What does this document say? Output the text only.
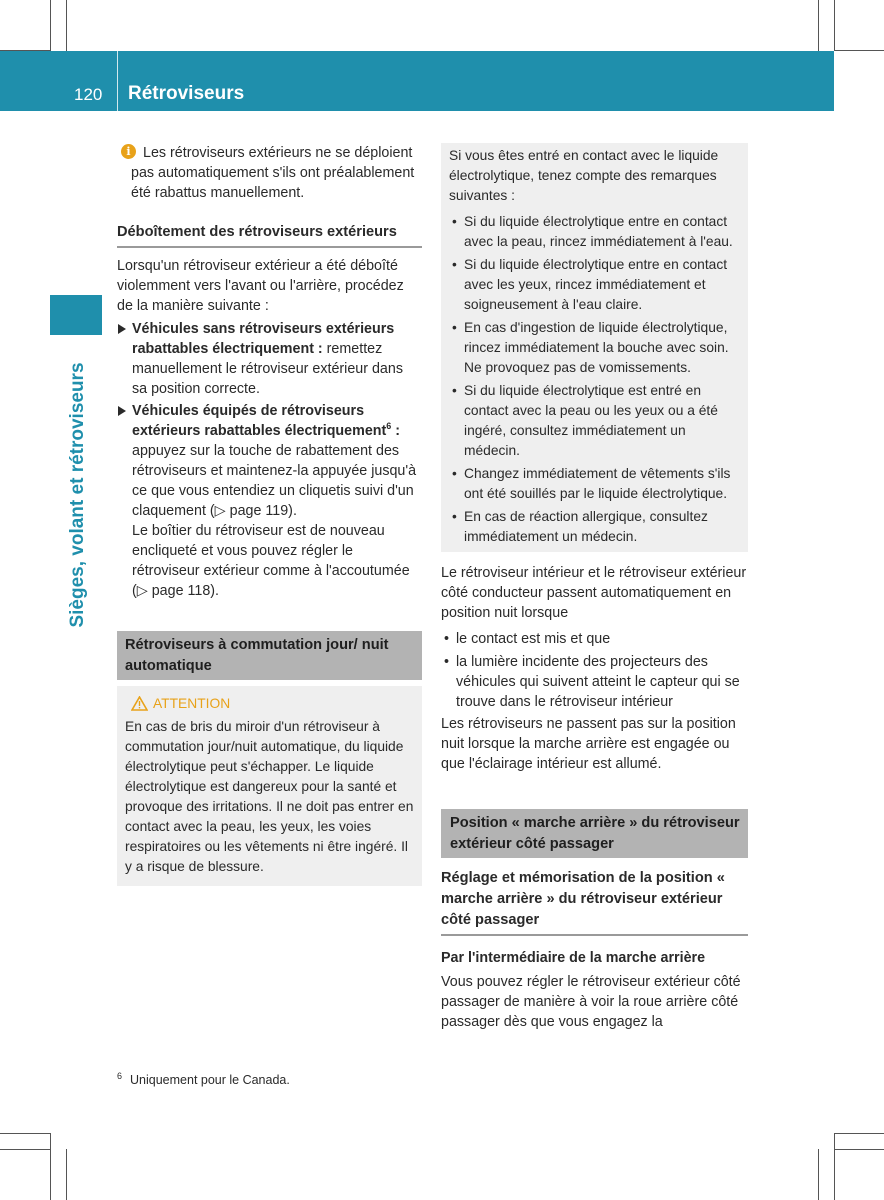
120 Rétroviseurs
Sièges, volant et rétroviseurs

i Les rétroviseurs extérieurs ne se déploient pas automatiquement s'ils ont préalablement été rabattus manuellement.

Déboîtement des rétroviseurs extérieurs

Lorsqu'un rétroviseur extérieur a été déboîté violemment vers l'avant ou l'arrière, procédez de la manière suivante :

Véhicules sans rétroviseurs extérieurs rabattables électriquement : remettez manuellement le rétroviseur extérieur dans sa position correcte.

Véhicules équipés de rétroviseurs extérieurs rabattables électriquement$^6$ : appuyez sur la touche de rabattement des rétroviseurs et maintenez-la appuyée jusqu'à ce que vous entendiez un cliquetis suivi d'un claquement (▷ page 119).

Le boîtier du rétroviseur est de nouveau encliqueté et vous pouvez régler le rétroviseur extérieur comme à l'accoutumée (▷ page 118).

Rétroviseurs à commutation jour/ nuit automatique

ATTENTION

En cas de bris du miroir d'un rétroviseur à commutation jour/nuit automatique, du liquide électrolytique peut s'échapper. Le liquide électrolytique est dangereux pour la santé et provoque des irritations. Il ne doit pas entrer en contact avec la peau, les yeux, les voies respiratoires ou les vêtements ni être ingéré. Il y a risque de blessure.

Si vous êtes entré en contact avec le liquide électrolytique, tenez compte des remarques suivantes :

• Si du liquide électrolytique entre en contact avec la peau, rincez immédiatement à l'eau.

• Si du liquide électrolytique entre en contact avec les yeux, rincez immédiatement et soigneusement à l'eau claire.

• En cas d'ingestion de liquide électrolytique, rincez immédiatement la bouche avec soin. Ne provoquez pas de vomissements.

• Si du liquide électrolytique est entré en contact avec la peau ou les yeux ou a été ingéré, consultez immédiatement un médecin.

• Changez immédiatement de vêtements s'ils ont été souillés par le liquide électrolytique.

• En cas de réaction allergique, consultez immédiatement un médecin.

Le rétroviseur intérieur et le rétroviseur extérieur côté conducteur passent automatiquement en position nuit lorsque

• le contact est mis et que

• la lumière incidente des projecteurs des véhicules qui suivent atteint le capteur qui se trouve dans le rétroviseur intérieur

Les rétroviseurs ne passent pas sur la position nuit lorsque la marche arrière est engagée ou que l'éclairage intérieur est allumé.

Position « marche arrière » du rétroviseur extérieur côté passager

Réglage et mémorisation de la position « marche arrière » du rétroviseur extérieur côté passager

Par l'intermédiaire de la marche arrière

Vous pouvez régler le rétroviseur extérieur côté passager de manière à voir la roue arrière côté passager dès que vous engagez la

$^6$ Uniquement pour le Canada.
